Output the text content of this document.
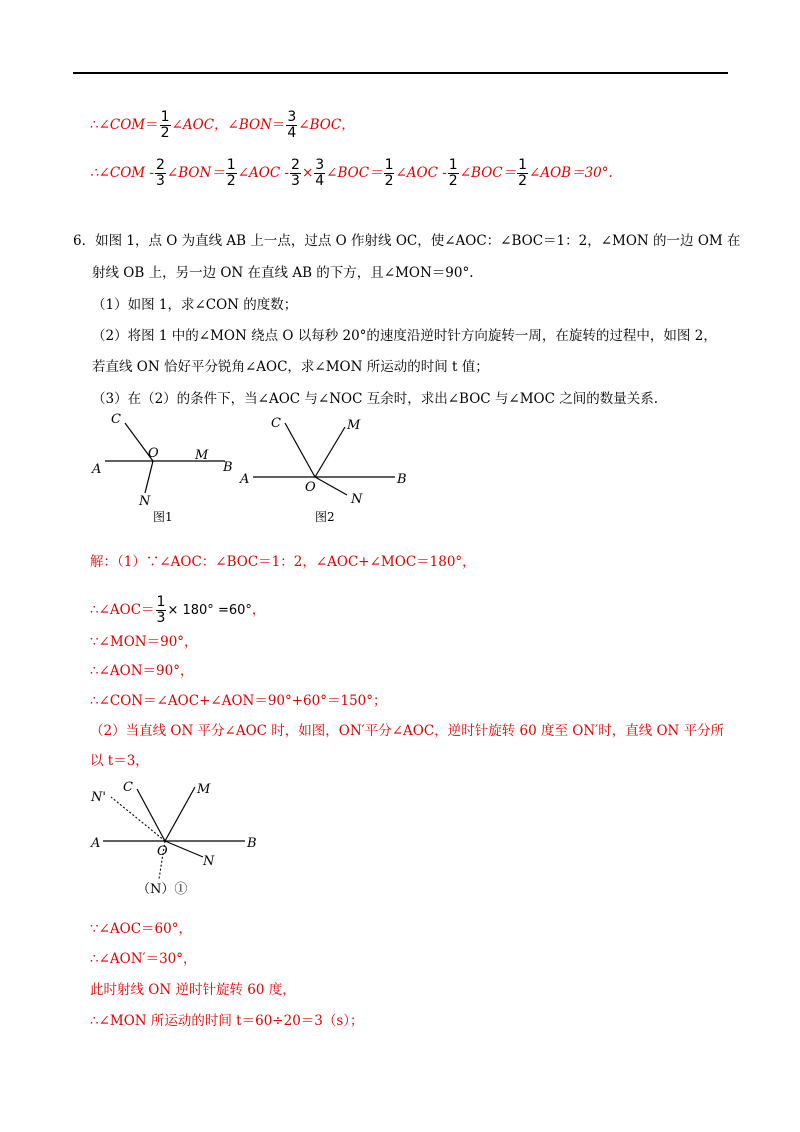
∴∠COM＝ $\frac{1}{2}$ ∠AOC，∠BON＝ $\frac{3}{4}$ ∠BOC，
∴∠COM - $\frac{2}{3}$ ∠BON＝ $\frac{1}{2}$ ∠AOC - $\frac{2}{3} \times \frac{3}{4}$ ∠BOC＝ $\frac{1}{2}$ ∠AOC - $\frac{1}{2}$ ∠BOC＝ $\frac{1}{2}$ ∠AOB＝30°.
6．如图 1，点 O 为直线 AB 上一点，过点 O 作射线 OC，使∠AOC：∠BOC＝1：2，∠MON 的一边 OM 在
射线 OB 上，另一边 ON 在直线 AB 的下方，且∠MON＝90°.
（1）如图 1，求∠CON 的度数；
（2）将图 1 中的∠MON 绕点 O 以每秒 20°的速度沿逆时针方向旋转一周，在旋转的过程中，如图 2，
若直线 ON 恰好平分锐角∠AOC，求∠MON 所运动的时间 t 值；
（3）在（2）的条件下，当∠AOC 与∠NOC 互余时，求出∠BOC 与∠MOC 之间的数量关系.
C
O	M
A	B
N
图1
C	M
A
O
B
N
图2
解：（1）∵∠AOC：∠BOC＝1：2，∠AOC+∠MOC＝180°，
∴∠AOC＝ $\frac{1}{3} \times 180^\circ =60^\circ$，
∵∠MON＝90°，
∴∠AON＝90°，
∴∠CON＝∠AOC+∠AON＝90°+60°＝150°；
（2）当直线 ON 平分∠AOC 时，如图，ON′平分∠AOC，逆时针旋转 60 度至 ON′时，直线 ON 平分所
以 t＝3，
N'
C	M
A
O
B
N
（N）①
∵∠AOC＝60°，
∴∠AON′＝30°，
此时射线 ON 逆时针旋转 60 度，
∴∠MON 所运动的时间 t＝60÷20＝3（s）；
